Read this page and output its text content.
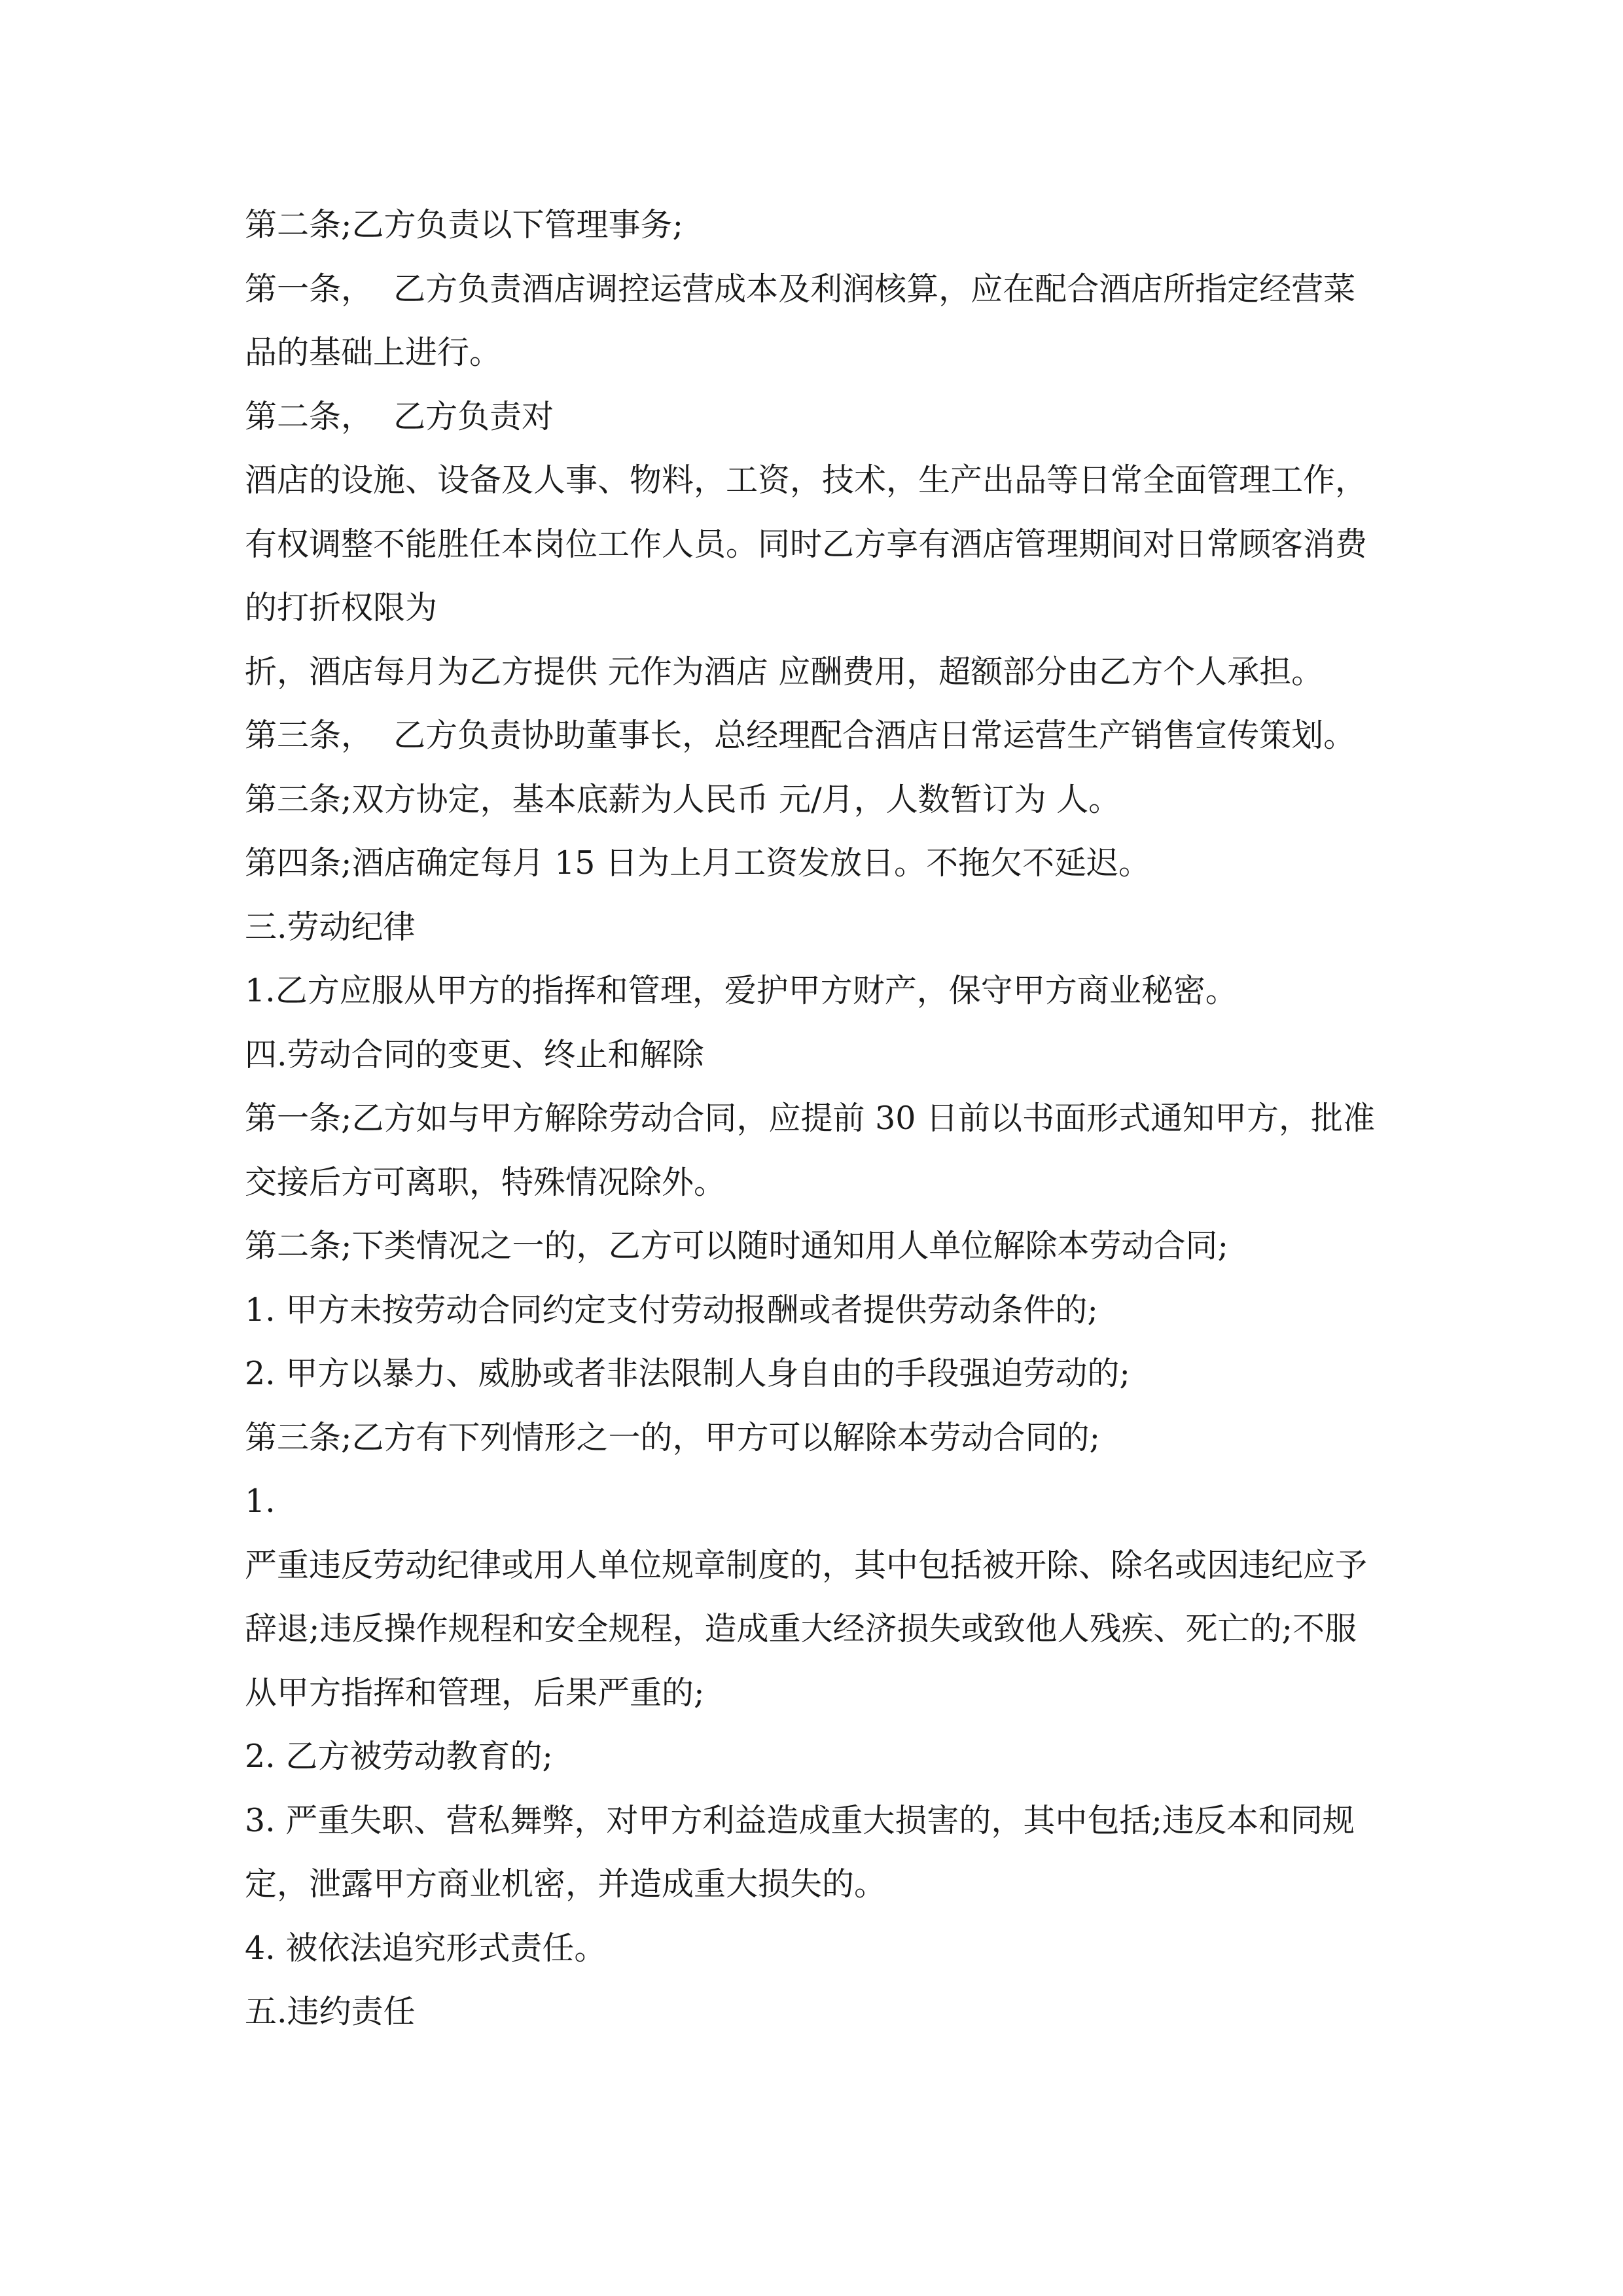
第二条;乙方负责以下管理事务;
第一条，  乙方负责酒店调控运营成本及利润核算，应在配合酒店所指定经营菜
品的基础上进行。
第二条，  乙方负责对
酒店的设施、设备及人事、物料，工资，技术，生产出品等日常全面管理工作，
有权调整不能胜任本岗位工作人员。同时乙方享有酒店管理期间对日常顾客消费
的打折权限为
折，酒店每月为乙方提供 元作为酒店 应酬费用，超额部分由乙方个人承担。
第三条，  乙方负责协助董事长，总经理配合酒店日常运营生产销售宣传策划。
第三条;双方协定，基本底薪为人民币 元/月，人数暂订为 人。
第四条;酒店确定每月 15 日为上月工资发放日。不拖欠不延迟。
三.劳动纪律
1.乙方应服从甲方的指挥和管理，爱护甲方财产，保守甲方商业秘密。
四.劳动合同的变更、终止和解除
第一条;乙方如与甲方解除劳动合同，应提前 30 日前以书面形式通知甲方，批准
交接后方可离职，特殊情况除外。
第二条;下类情况之一的，乙方可以随时通知用人单位解除本劳动合同;
1. 甲方未按劳动合同约定支付劳动报酬或者提供劳动条件的;
2. 甲方以暴力、威胁或者非法限制人身自由的手段强迫劳动的;
第三条;乙方有下列情形之一的，甲方可以解除本劳动合同的;
1.
严重违反劳动纪律或用人单位规章制度的，其中包括被开除、除名或因违纪应予
辞退;违反操作规程和安全规程，造成重大经济损失或致他人残疾、死亡的;不服
从甲方指挥和管理，后果严重的;
2. 乙方被劳动教育的;
3. 严重失职、营私舞弊，对甲方利益造成重大损害的，其中包括;违反本和同规
定，泄露甲方商业机密，并造成重大损失的。
4. 被依法追究形式责任。
五.违约责任
